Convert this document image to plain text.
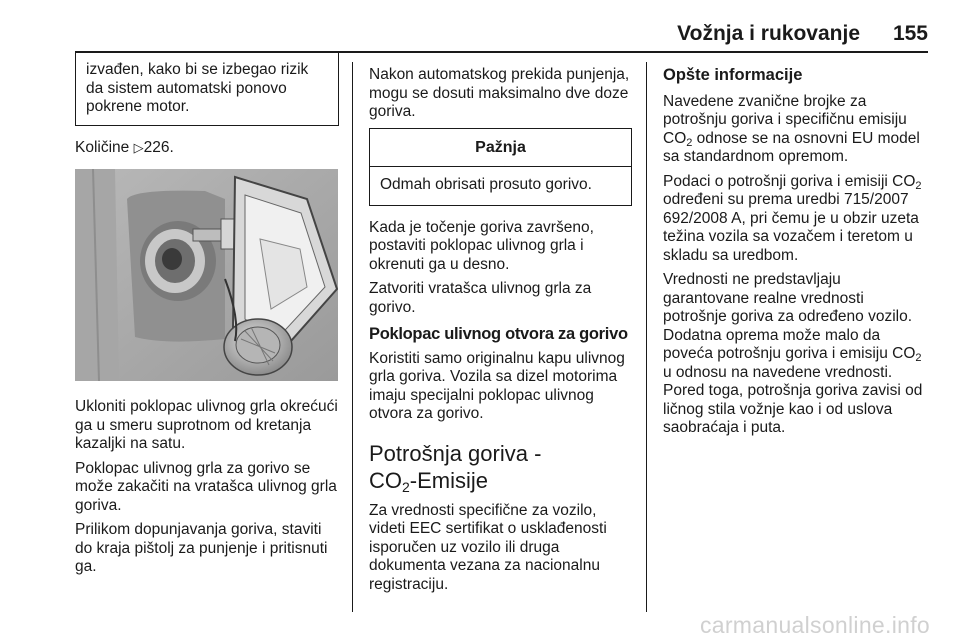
Vožnja i rukovanje	155
izvađen, kako bi se izbegao rizik da sistem automatski ponovo pokrene motor.

Količine ▷226.

Ukloniti poklopac ulivnog grla okrećući ga u smeru suprotnom od kretanja kazaljki na satu.

Poklopac ulivnog grla za gorivo se može zakačiti na vratašca ulivnog grla goriva.

Prilikom dopunjavanja goriva, staviti do kraja pištolj za punjenje i pritisnuti ga.

Nakon automatskog prekida punjenja, mogu se dosuti maksimalno dve doze goriva.

Pažnja
Odmah obrisati prosuto gorivo.

Kada je točenje goriva završeno, postaviti poklopac ulivnog grla i okrenuti ga u desno.

Zatvoriti vratašca ulivnog grla za gorivo.

Poklopac ulivnog otvora za gorivo

Koristiti samo originalnu kapu ulivnog grla goriva. Vozila sa dizel motorima imaju specijalni poklopac ulivnog otvora za gorivo.

Potrošnja goriva -
$CO_2$-Emisije

Za vrednosti specifične za vozilo, videti EEC sertifikat o usklađenosti isporučen uz vozilo ili druga dokumenta vezana za nacionalnu registraciju.

Opšte informacije

Navedene zvanične brojke za potrošnju goriva i specifičnu emisiju $CO_2$ odnose se na osnovni EU model sa standardnom opremom.

Podaci o potrošnji goriva i emisiji $CO_2$ određeni su prema uredbi 715/2007 692/2008 A, pri čemu je u obzir uzeta težina vozila sa vozačem i teretom u skladu sa uredbom.

Vrednosti ne predstavljaju garantovane realne vrednosti potrošnje goriva za određeno vozilo. Dodatna oprema može malo da poveća potrošnju goriva i emisiju $CO_2$ u odnosu na navedene vrednosti. Pored toga, potrošnja goriva zavisi od ličnog stila vožnje kao i od uslova saobraćaja i puta.

carmanualsonline.info
